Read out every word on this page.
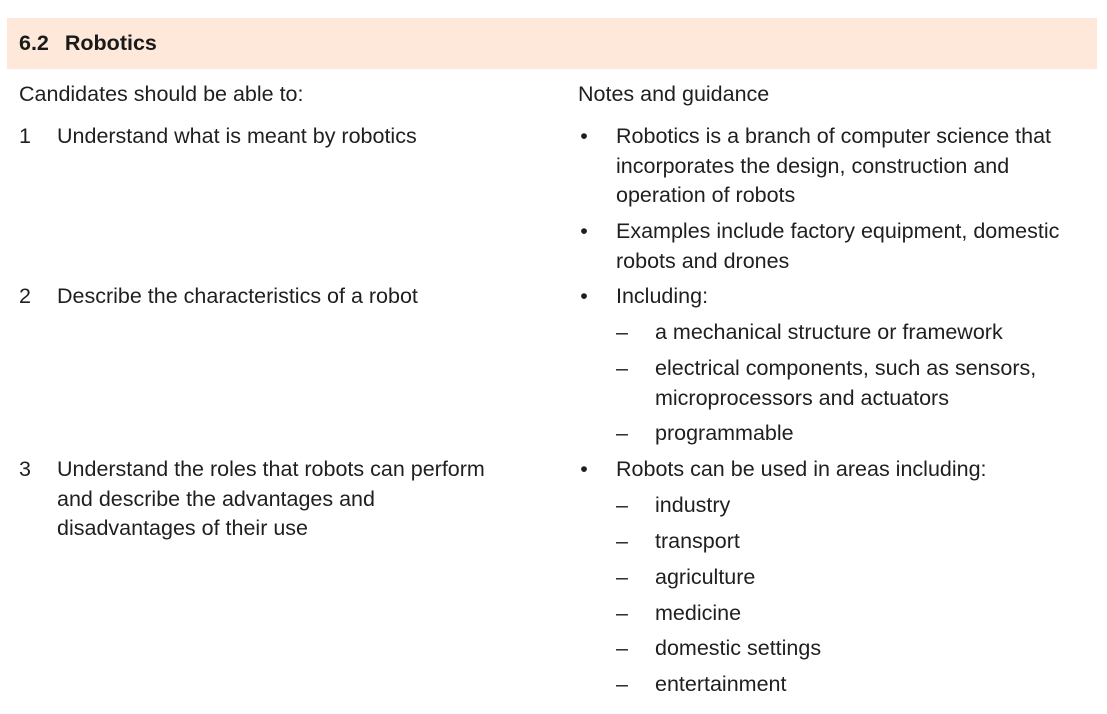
6.2 Robotics
Candidates should be able to:	Notes and guidance
1 Understand what is meant by robotics
2 Describe the characteristics of a robot
3 Understand the roles that robots can perform and describe the advantages and disadvantages of their use
• Robotics is a branch of computer science that incorporates the design, construction and operation of robots
• Examples include factory equipment, domestic robots and drones
• Including:
– a mechanical structure or framework
– electrical components, such as sensors, microprocessors and actuators
– programmable
• Robots can be used in areas including:
– industry
– transport
– agriculture
– medicine
– domestic settings
– entertainment
